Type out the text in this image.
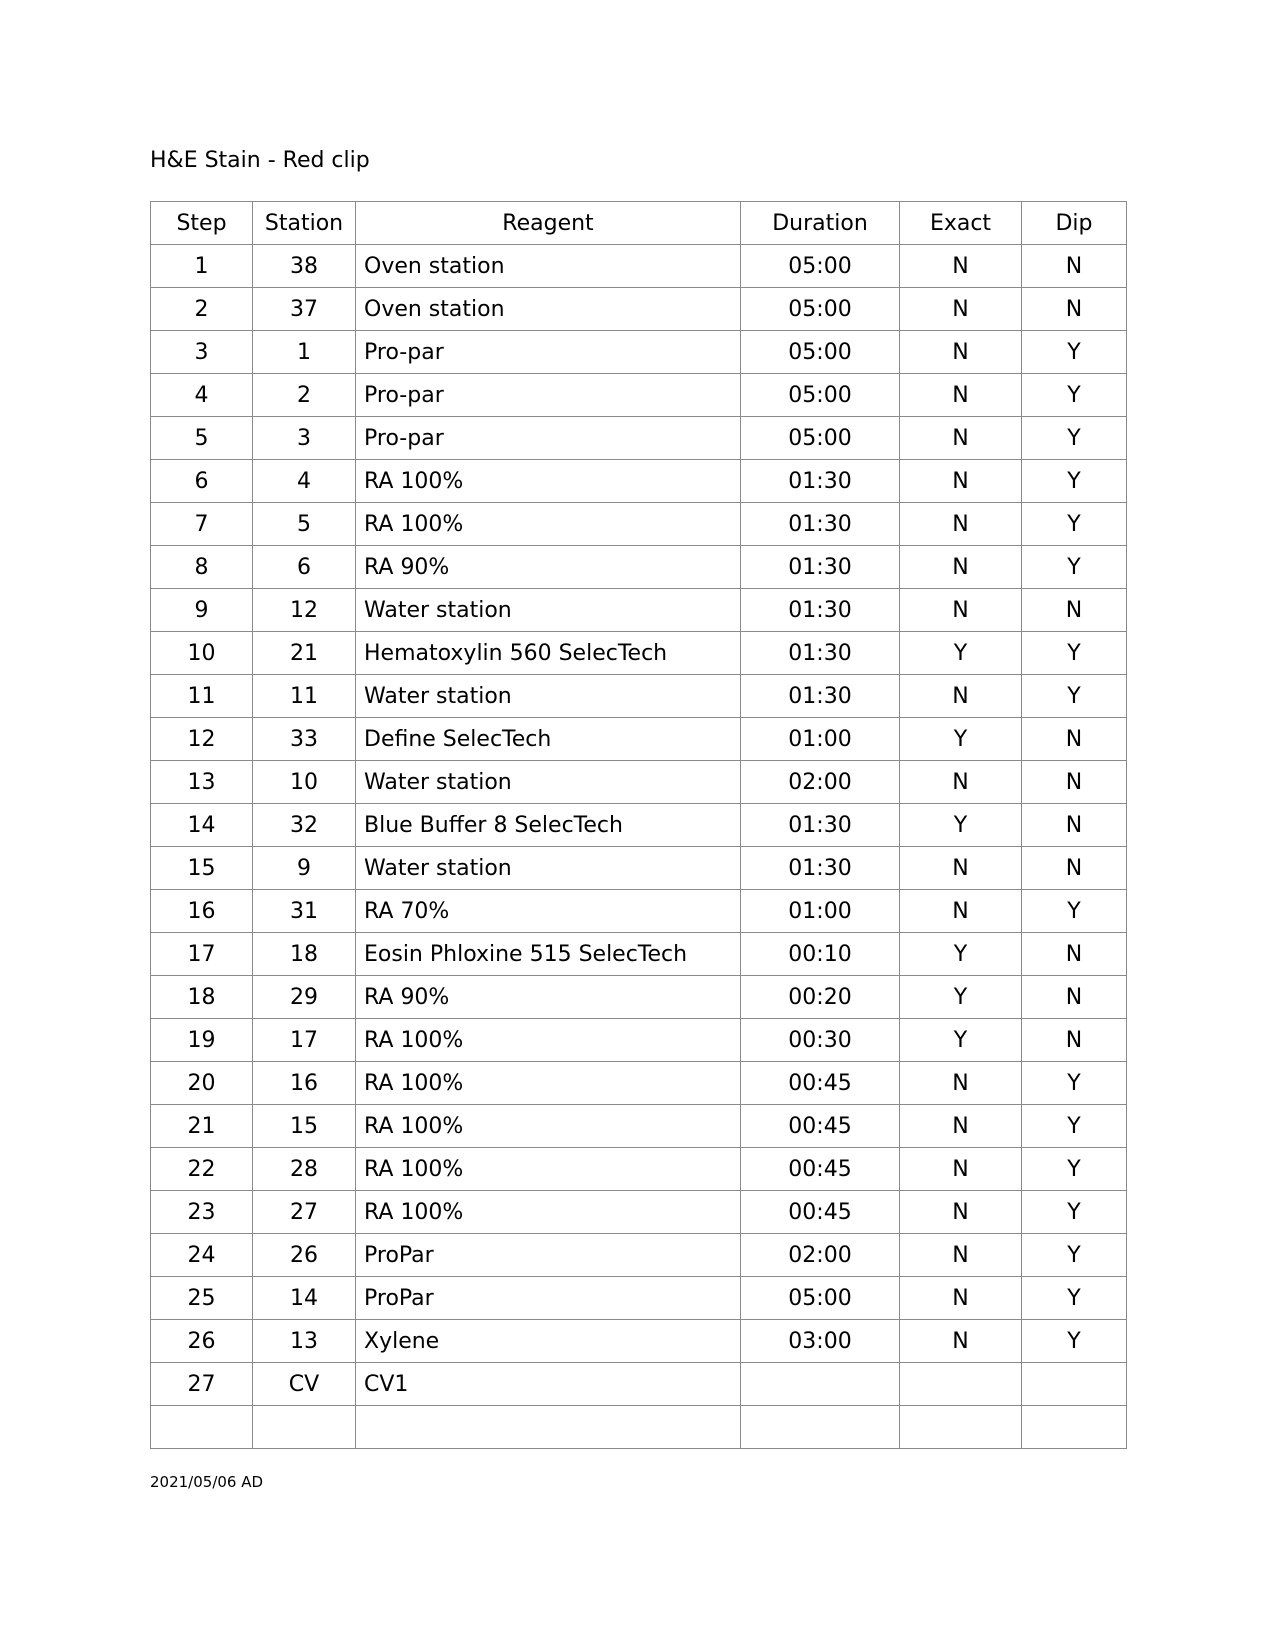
H&E Stain - Red clip
Step	Station	Reagent	Duration	Exact	Dip
1	38	Oven station	05:00	N	N
2	37	Oven station	05:00	N	N
3	1	Pro-par	05:00	N	Y
4	2	Pro-par	05:00	N	Y
5	3	Pro-par	05:00	N	Y
6	4	RA 100%	01:30	N	Y
7	5	RA 100%	01:30	N	Y
8	6	RA 90%	01:30	N	Y
9	12	Water station	01:30	N	N
10	21	Hematoxylin 560 SelecTech	01:30	Y	Y
11	11	Water station	01:30	N	Y
12	33	Define SelecTech	01:00	Y	N
13	10	Water station	02:00	N	N
14	32	Blue Buffer 8 SelecTech	01:30	Y	N
15	9	Water station	01:30	N	N
16	31	RA 70%	01:00	N	Y
17	18	Eosin Phloxine 515 SelecTech	00:10	Y	N
18	29	RA 90%	00:20	Y	N
19	17	RA 100%	00:30	Y	N
20	16	RA 100%	00:45	N	Y
21	15	RA 100%	00:45	N	Y
22	28	RA 100%	00:45	N	Y
23	27	RA 100%	00:45	N	Y
24	26	ProPar	02:00	N	Y
25	14	ProPar	05:00	N	Y
26	13	Xylene	03:00	N	Y
27	CV	CV1			

2021/05/06 AD
